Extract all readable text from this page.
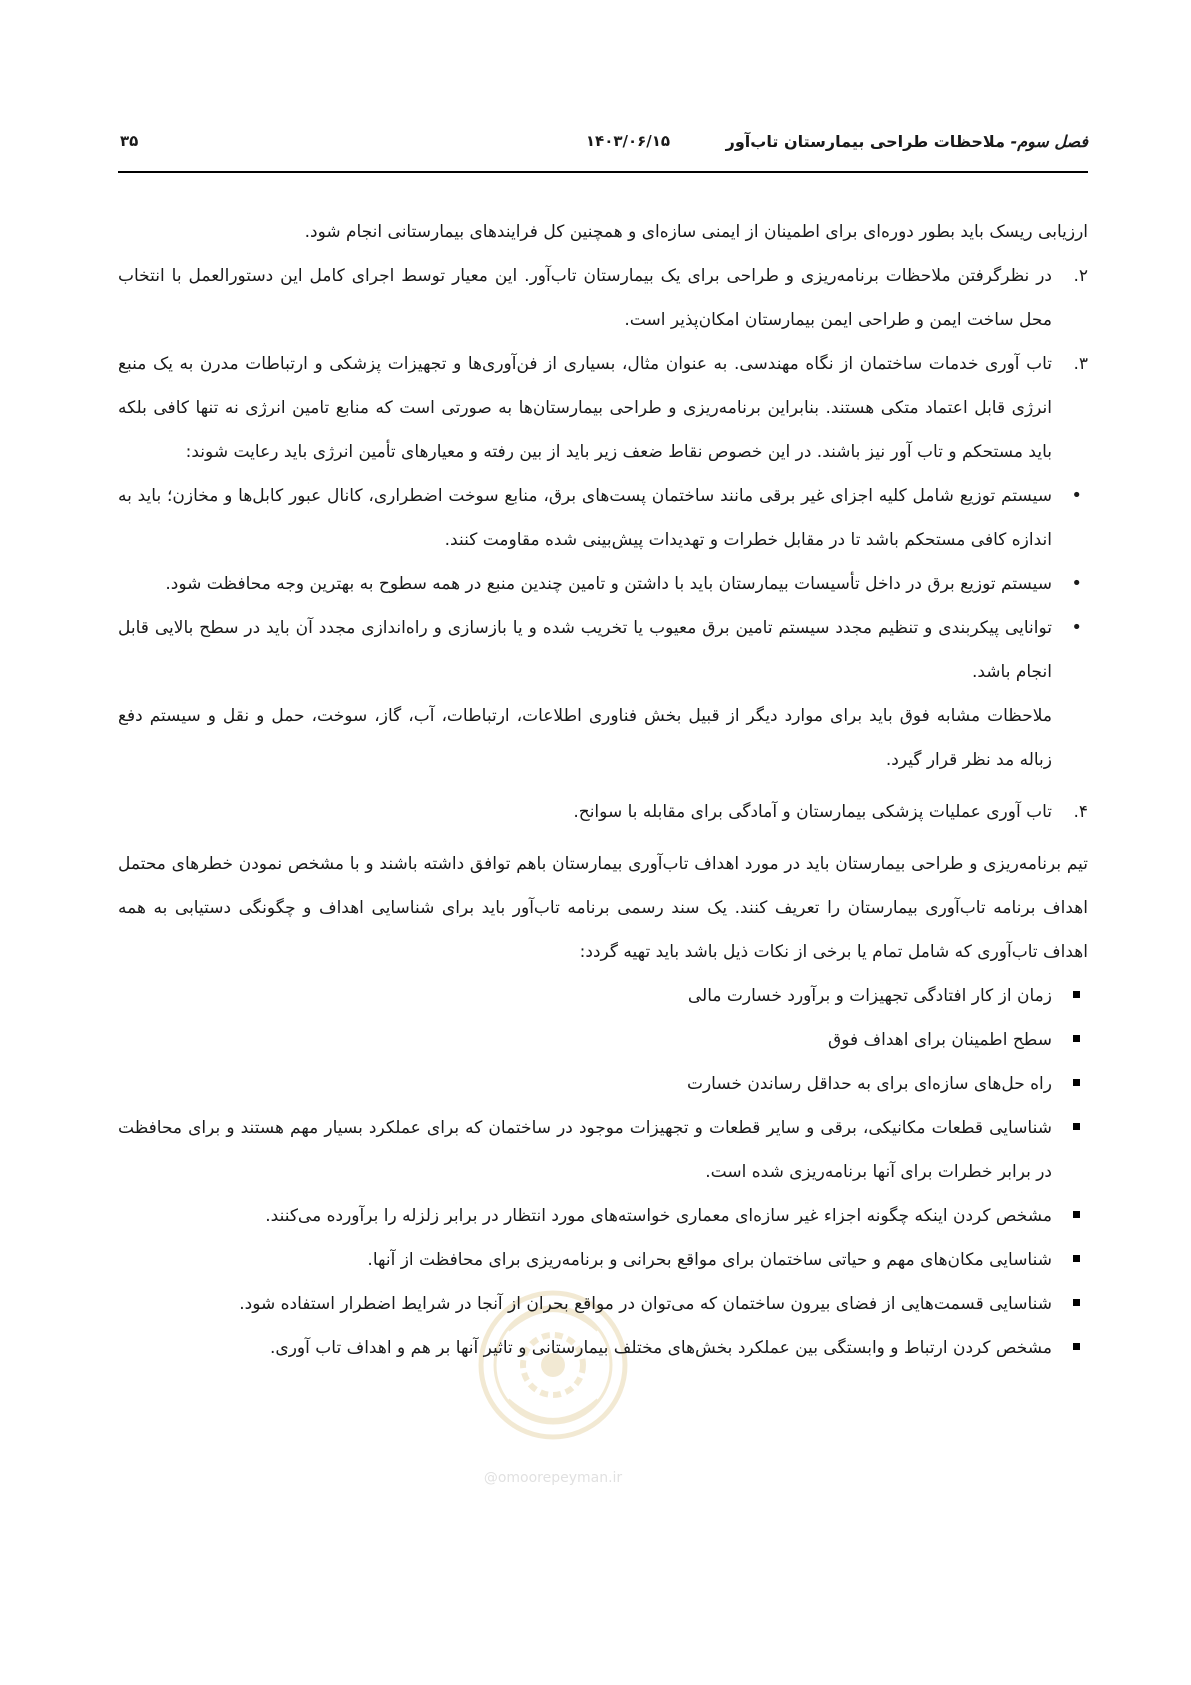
فصل سوم- ملاحظات طراحی بیمارستان تاب‌آور
۱۴۰۳/۰۶/۱۵
۳۵
@omoorepeyman.ir

ارزیابی ریسک باید بطور دوره‌ای برای اطمینان از ایمنی سازه‌ای و همچنین کل فرایندهای بیمارستانی انجام شود.

۲.
در نظرگرفتن ملاحظات برنامه‌ریزی و طراحی برای یک بیمارستان تاب‌آور. این معیار توسط اجرای کامل این دستورالعمل با انتخاب محل ساخت ایمن و طراحی ایمن بیمارستان امکان‌پذیر است.
۳.
تاب آوری خدمات ساختمان از نگاه مهندسی. به عنوان مثال، بسیاری از فن‌آوری‌ها و تجهیزات پزشکی و ارتباطات مدرن به یک منبع انرژی قابل اعتماد متکی هستند. بنابراین برنامه‌ریزی و طراحی بیمارستان‌ها به صورتی است که منابع تامین انرژی نه تنها کافی بلکه باید مستحکم و تاب آور نیز باشند. در این خصوص نقاط ضعف زیر باید از بین رفته و معیارهای تأمین انرژی باید رعایت شوند:
•
سیستم توزیع شامل کلیه اجزای غیر برقی مانند ساختمان پست‌های برق، منابع سوخت اضطراری، کانال عبور کابل‌ها و مخازن؛ باید به اندازه کافی مستحکم باشد تا در مقابل خطرات و تهدیدات پیش‌بینی شده مقاومت کنند.
•
سیستم توزیع برق در داخل تأسیسات بیمارستان باید با داشتن و تامین چندین منبع در همه سطوح به بهترین وجه محافظت شود.
•
توانایی پیکربندی و تنظیم مجدد سیستم تامین برق معیوب یا تخریب شده و یا بازسازی و راه‌اندازی مجدد آن باید در سطح بالایی قابل انجام باشد.

ملاحظات مشابه فوق باید برای موارد دیگر از قبیل بخش فناوری اطلاعات، ارتباطات، آب، گاز، سوخت، حمل و نقل و سیستم دفع زباله مد نظر قرار گیرد.

۴.
تاب آوری عملیات پزشکی بیمارستان و آمادگی برای مقابله با سوانح.

تیم برنامه‌ریزی و طراحی بیمارستان باید در مورد اهداف تاب‌آوری بیمارستان باهم توافق داشته باشند و با مشخص نمودن خطرهای محتمل اهداف برنامه تاب‌آوری بیمارستان را تعریف کنند. یک سند رسمی برنامه تاب‌آور باید برای شناسایی اهداف و چگونگی دستیابی به همه اهداف تاب‌آوری که شامل تمام یا برخی از نکات ذیل باشد باید تهیه گردد:

زمان از کار افتادگی تجهیزات و برآورد خسارت مالی
سطح اطمینان برای اهداف فوق
راه حل‌های سازه‌ای برای به حداقل رساندن خسارت
شناسایی قطعات مکانیکی، برقی و سایر قطعات و تجهیزات موجود در ساختمان که برای عملکرد بسیار مهم هستند و برای محافظت در برابر خطرات برای آنها برنامه‌ریزی شده است.
مشخص کردن اینکه چگونه اجزاء غیر سازه‌ای معماری خواسته‌های مورد انتظار در برابر زلزله را برآورده می‌کنند.
شناسایی مکان‌های مهم و حیاتی ساختمان برای مواقع بحرانی و برنامه‌ریزی برای محافظت از آنها.
شناسایی قسمت‌هایی از فضای بیرون ساختمان که می‌توان در مواقع بحران از آنجا در شرایط اضطرار استفاده شود.
مشخص کردن ارتباط و وابستگی بین عملکرد بخش‌های مختلف بیمارستانی و تاثیر آنها بر هم و اهداف تاب آوری.
